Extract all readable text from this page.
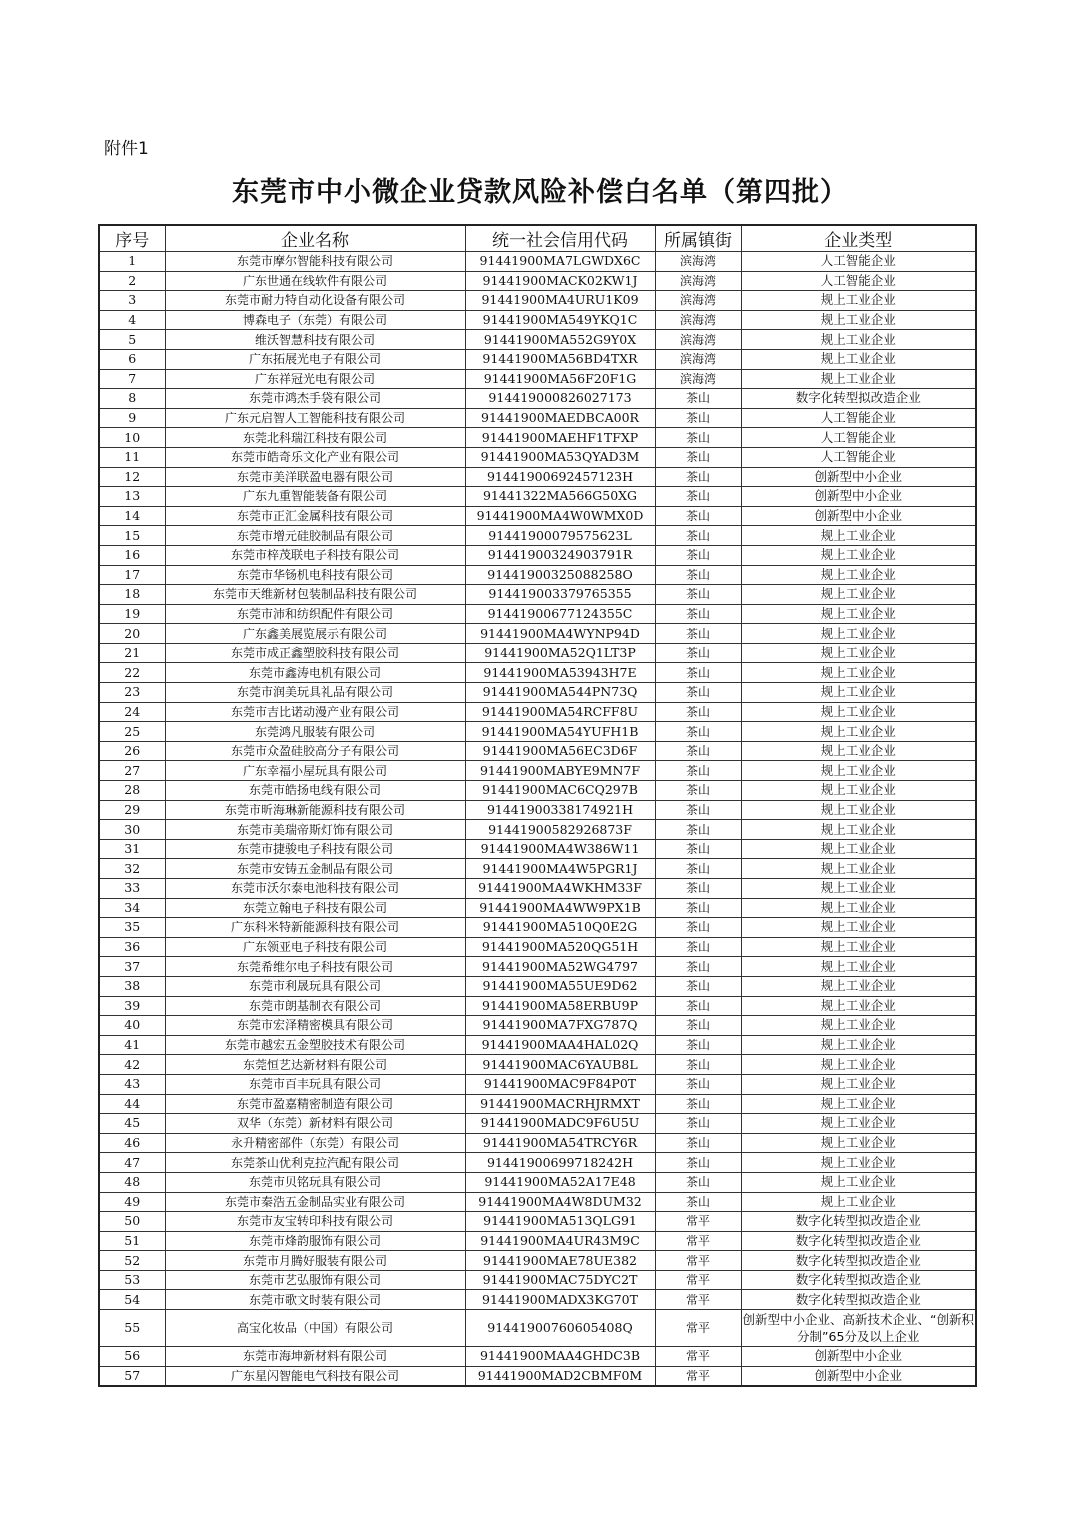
附件1
东莞市中小微企业贷款风险补偿白名单（第四批）
序号	企业名称	统一社会信用代码	所属镇街	企业类型
1	东莞市摩尔智能科技有限公司	91441900MA7LGWDX6C	滨海湾	人工智能企业
2	广东世通在线软件有限公司	91441900MACK02KW1J	滨海湾	人工智能企业
3	东莞市耐力特自动化设备有限公司	91441900MA4URU1K09	滨海湾	规上工业企业
4	博森电子（东莞）有限公司	91441900MA549YKQ1C	滨海湾	规上工业企业
5	维沃智慧科技有限公司	91441900MA552G9Y0X	滨海湾	规上工业企业
6	广东拓展光电子有限公司	91441900MA56BD4TXR	滨海湾	规上工业企业
7	广东祥冠光电有限公司	91441900MA56F20F1G	滨海湾	规上工业企业
8	东莞市鸿杰手袋有限公司	914419000826027173	茶山	数字化转型拟改造企业
9	广东元启智人工智能科技有限公司	91441900MAEDBCA00R	茶山	人工智能企业
10	东莞北科瑞江科技有限公司	91441900MAEHF1TFXP	茶山	人工智能企业
11	东莞市皓奇乐文化产业有限公司	91441900MA53QYAD3M	茶山	人工智能企业
12	东莞市美洋联盈电器有限公司	91441900692457123H	茶山	创新型中小企业
13	广东九重智能装备有限公司	91441322MA566G50XG	茶山	创新型中小企业
14	东莞市正汇金属科技有限公司	91441900MA4W0WMX0D	茶山	创新型中小企业
15	东莞市增元硅胶制品有限公司	91441900079575623L	茶山	规上工业企业
16	东莞市梓茂联电子科技有限公司	91441900324903791R	茶山	规上工业企业
17	东莞市华钖机电科技有限公司	91441900325088258O	茶山	规上工业企业
18	东莞市天维新材包装制品科技有限公司	914419003379765355	茶山	规上工业企业
19	东莞市沛和纺织配件有限公司	91441900677124355C	茶山	规上工业企业
20	广东鑫美展览展示有限公司	91441900MA4WYNP94D	茶山	规上工业企业
21	东莞市成正鑫塑胶科技有限公司	91441900MA52Q1LT3P	茶山	规上工业企业
22	东莞市鑫涛电机有限公司	91441900MA53943H7E	茶山	规上工业企业
23	东莞市润美玩具礼品有限公司	91441900MA544PN73Q	茶山	规上工业企业
24	东莞市吉比诺动漫产业有限公司	91441900MA54RCFF8U	茶山	规上工业企业
25	东莞鸿凡服装有限公司	91441900MA54YUFH1B	茶山	规上工业企业
26	东莞市众盈硅胶高分子有限公司	91441900MA56EC3D6F	茶山	规上工业企业
27	广东幸福小屋玩具有限公司	91441900MABYE9MN7F	茶山	规上工业企业
28	东莞市皓扬电线有限公司	91441900MAC6CQ297B	茶山	规上工业企业
29	东莞市昕海琳新能源科技有限公司	91441900338174921H	茶山	规上工业企业
30	东莞市美瑞帝斯灯饰有限公司	91441900582926873F	茶山	规上工业企业
31	东莞市捷骏电子科技有限公司	91441900MA4W386W11	茶山	规上工业企业
32	东莞市安铸五金制品有限公司	91441900MA4W5PGR1J	茶山	规上工业企业
33	东莞市沃尔泰电池科技有限公司	91441900MA4WKHM33F	茶山	规上工业企业
34	东莞立翰电子科技有限公司	91441900MA4WW9PX1B	茶山	规上工业企业
35	广东科米特新能源科技有限公司	91441900MA510Q0E2G	茶山	规上工业企业
36	广东领亚电子科技有限公司	91441900MA520QG51H	茶山	规上工业企业
37	东莞希维尔电子科技有限公司	91441900MA52WG4797	茶山	规上工业企业
38	东莞市利晟玩具有限公司	91441900MA55UE9D62	茶山	规上工业企业
39	东莞市朗基制衣有限公司	91441900MA58ERBU9P	茶山	规上工业企业
40	东莞市宏泽精密模具有限公司	91441900MA7FXG787Q	茶山	规上工业企业
41	东莞市越宏五金塑胶技术有限公司	91441900MAA4HAL02Q	茶山	规上工业企业
42	东莞恒艺达新材料有限公司	91441900MAC6YAUB8L	茶山	规上工业企业
43	东莞市百丰玩具有限公司	91441900MAC9F84P0T	茶山	规上工业企业
44	东莞市盈嘉精密制造有限公司	91441900MACRHJRMXT	茶山	规上工业企业
45	双华（东莞）新材料有限公司	91441900MADC9F6U5U	茶山	规上工业企业
46	永升精密部件（东莞）有限公司	91441900MA54TRCY6R	茶山	规上工业企业
47	东莞茶山优利克拉汽配有限公司	91441900699718242H	茶山	规上工业企业
48	东莞市贝铭玩具有限公司	91441900MA52A17E48	茶山	规上工业企业
49	东莞市秦浩五金制品实业有限公司	91441900MA4W8DUM32	茶山	规上工业企业
50	东莞市友宝转印科技有限公司	91441900MA513QLG91	常平	数字化转型拟改造企业
51	东莞市烽韵服饰有限公司	91441900MA4UR43M9C	常平	数字化转型拟改造企业
52	东莞市月腾好服装有限公司	91441900MAE78UE382	常平	数字化转型拟改造企业
53	东莞市艺弘服饰有限公司	91441900MAC75DYC2T	常平	数字化转型拟改造企业
54	东莞市歌文时装有限公司	91441900MADX3KG70T	常平	数字化转型拟改造企业
55	高宝化妆品（中国）有限公司	91441900760605408Q	常平	创新型中小企业、高新技术企业、“创新积分制”65分及以上企业
56	东莞市海坤新材料有限公司	91441900MAA4GHDC3B	常平	创新型中小企业
57	广东星闪智能电气科技有限公司	91441900MAD2CBMF0M	常平	创新型中小企业
